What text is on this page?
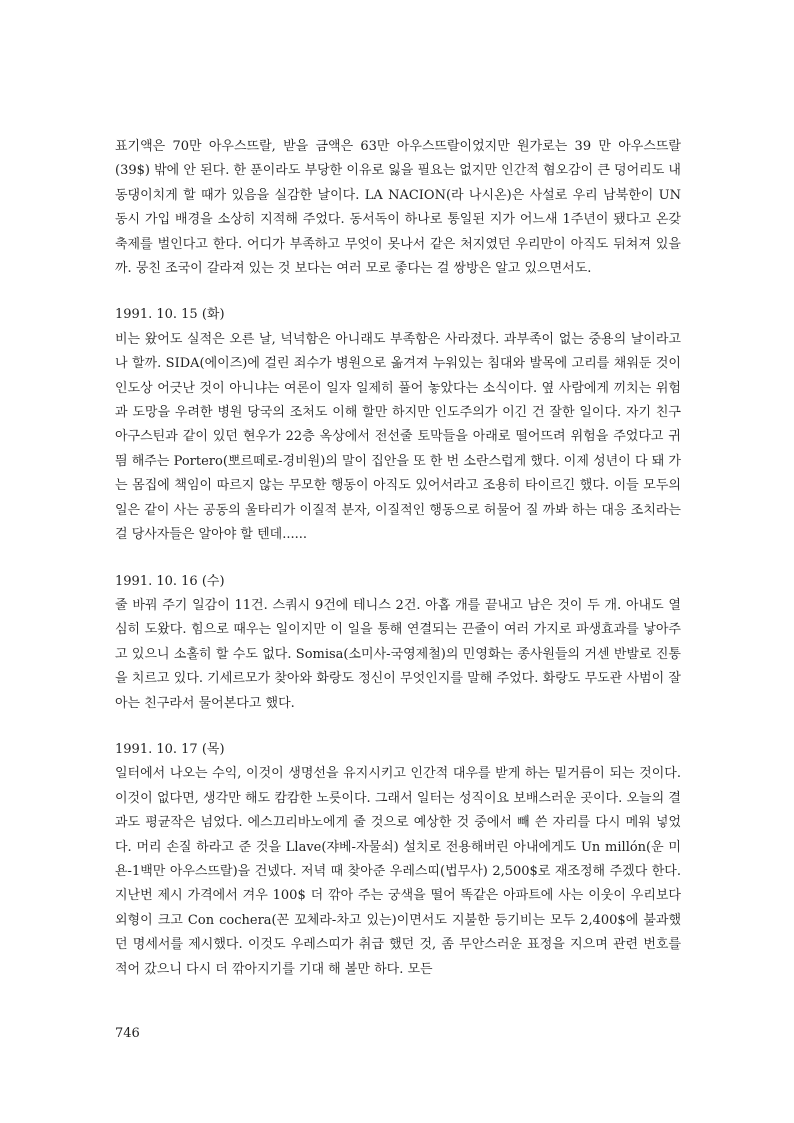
표기액은 70만 아우스뜨랄, 받을 금액은 63만 아우스뜨랄이었지만 원가로는 39 만 아우스뜨랄(39$) 밖에 안 된다. 한 푼이라도 부당한 이유로 잃을 필요는 없지만 인간적 혐오감이 큰 덩어리도 내동댕이치게 할 때가 있음을 실감한 날이다. LA NACION(라 나시온)은 사설로 우리 남북한이 UN 동시 가입 배경을 소상히 지적해 주었다. 동서독이 하나로 통일된 지가 어느새 1주년이 됐다고 온갖 축제를 벌인다고 한다. 어디가 부족하고 무엇이 못나서 같은 처지였던 우리만이 아직도 뒤쳐져 있을까. 뭉친 조국이 갈라져 있는 것 보다는 여러 모로 좋다는 걸 쌍방은 알고 있으면서도.

1991. 10. 15 (화)

비는 왔어도 실적은 오른 날, 넉넉함은 아니래도 부족함은 사라졌다. 과부족이 없는 중용의 날이라고나 할까. SIDA(에이즈)에 걸린 죄수가 병원으로 옮겨져 누워있는 침대와 발목에 고리를 채워둔 것이 인도상 어긋난 것이 아니냐는 여론이 일자 일제히 풀어 놓았다는 소식이다. 옆 사람에게 끼치는 위험과 도망을 우려한 병원 당국의 조처도 이해 할만 하지만 인도주의가 이긴 건 잘한 일이다. 자기 친구 아구스틴과 같이 있던 현우가 22층 옥상에서 전선줄 토막들을 아래로 떨어뜨려 위험을 주었다고 귀띔 해주는 Portero(뽀르떼로-경비원)의 말이 집안을 또 한 번 소란스럽게 했다. 이제 성년이 다 돼 가는 몸집에 책임이 따르지 않는 무모한 행동이 아직도 있어서라고 조용히 타이르긴 했다. 이들 모두의 일은 같이 사는 공동의 울타리가 이질적 분자, 이질적인 행동으로 허물어 질 까봐 하는 대응 조치라는 걸 당사자들은 알아야 할 텐데......

1991. 10. 16 (수)

줄 바꿔 주기 일감이 11건. 스쿼시 9건에 테니스 2건. 아홉 개를 끝내고 남은 것이 두 개. 아내도 열심히 도왔다. 힘으로 때우는 일이지만 이 일을 통해 연결되는 끈줄이 여러 가지로 파생효과를 낳아주고 있으니 소홀히 할 수도 없다. Somisa(소미사-국영제철)의 민영화는 종사원들의 거센 반발로 진통을 치르고 있다. 기세르모가 찾아와 화랑도 정신이 무엇인지를 말해 주었다. 화랑도 무도관 사범이 잘 아는 친구라서 물어본다고 했다.

1991. 10. 17 (목)

일터에서 나오는 수익, 이것이 생명선을 유지시키고 인간적 대우를 받게 하는 밑거름이 되는 것이다. 이것이 없다면, 생각만 해도 캄캄한 노릇이다. 그래서 일터는 성직이요 보배스러운 곳이다. 오늘의 결과도 평균작은 넘었다. 에스끄리바노에게 줄 것으로 예상한 것 중에서 빼 쓴 자리를 다시 메워 넣었다. 머리 손질 하라고 준 것을 Llave(쟈베-자물쇠) 설치로 전용해버린 아내에게도 Un millón(운 미욘-1백만 아우스뜨랄)을 건넸다. 저녁 때 찾아준 우레스띠(법무사) 2,500$로 재조정해 주겠다 한다. 지난번 제시 가격에서 겨우 100$ 더 깎아 주는 궁색을 떨어 똑같은 아파트에 사는 이웃이 우리보다 외형이 크고 Con cochera(꼰 꼬체라-차고 있는)이면서도 지불한 등기비는 모두 2,400$에 불과했던 명세서를 제시했다. 이것도 우레스띠가 취급 했던 것, 좀 무안스러운 표정을 지으며 관련 번호를 적어 갔으니 다시 더 깎아지기를 기대 해 볼만 하다. 모든

746
